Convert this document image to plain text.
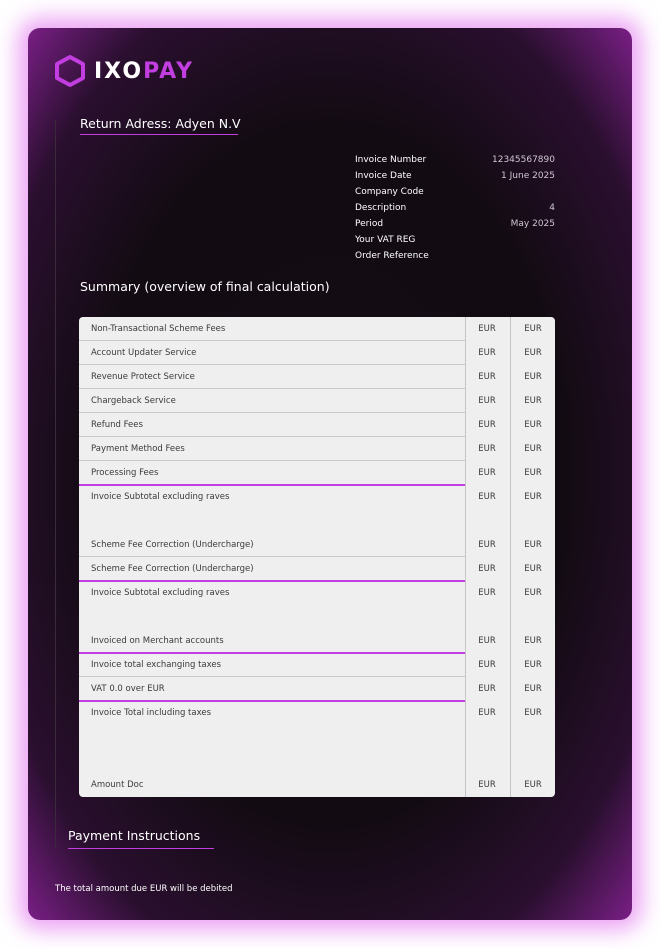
IXOPAY
Return Adress: Adyen N.V
Invoice Number	12345567890
Invoice Date	1 June 2025
Company Code
Description	4
Period	May 2025
Your VAT REG
Order Reference
Summary (overview of final calculation)
Non-Transactional Scheme Fees	EUR	EUR
Account Updater Service	EUR	EUR
Revenue Protect Service	EUR	EUR
Chargeback Service	EUR	EUR
Refund Fees	EUR	EUR
Payment Method Fees	EUR	EUR
Processing Fees	EUR	EUR
Invoice Subtotal excluding raves	EUR	EUR
Scheme Fee Correction (Undercharge)	EUR	EUR
Scheme Fee Correction (Undercharge)	EUR	EUR
Invoice Subtotal excluding raves	EUR	EUR
Invoiced on Merchant accounts	EUR	EUR
Invoice total exchanging taxes	EUR	EUR
VAT 0.0 over EUR	EUR	EUR
Invoice Total including taxes	EUR	EUR
Amount Doc	EUR	EUR
Payment Instructions
The total amount due EUR will be debited
